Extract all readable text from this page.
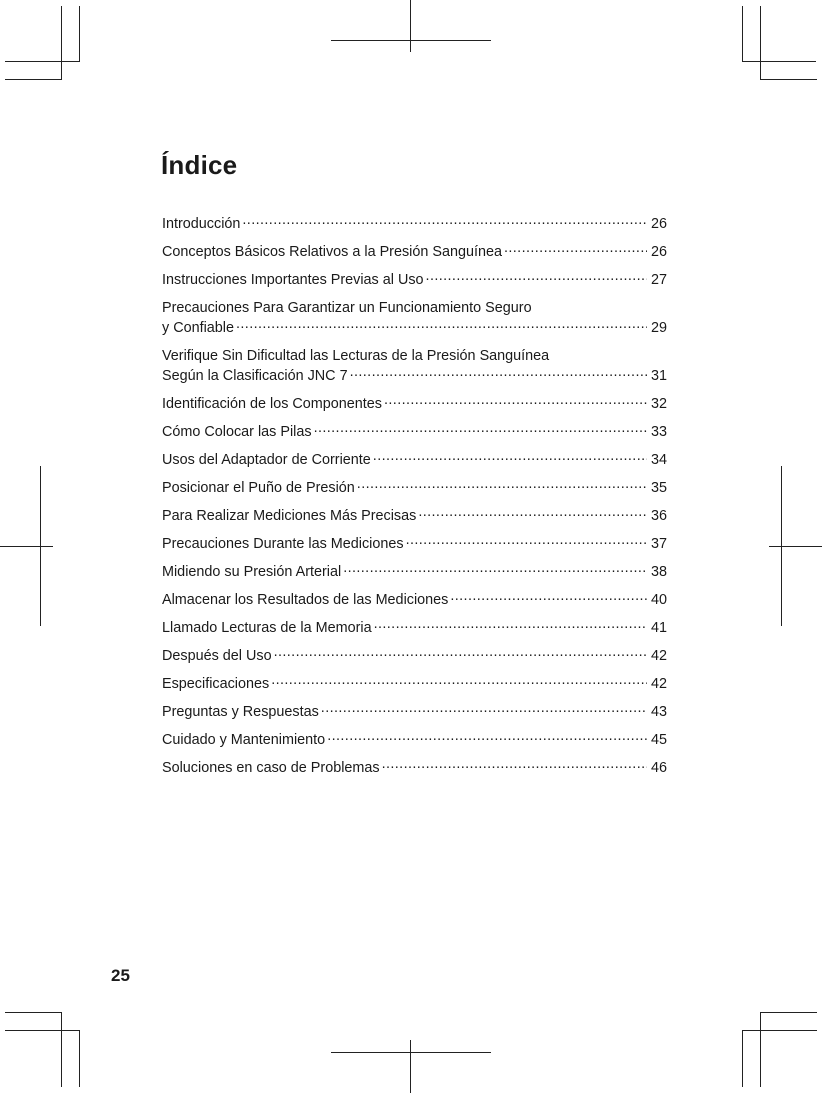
Índice
Introducción .....	26
Conceptos Básicos Relativos a la Presión Sanguínea .....	26
Instrucciones Importantes Previas al Uso .....	27
Precauciones Para Garantizar un Funcionamiento Seguro
y Confiable .....	29
Verifique Sin Dificultad las Lecturas de la Presión Sanguínea
Según la Clasificación JNC 7 .....	31
Identificación de los Componentes .....	32
Cómo Colocar las Pilas .....	33
Usos del Adaptador de Corriente .....	34
Posicionar el Puño de Presión .....	35
Para Realizar Mediciones Más Precisas .....	36
Precauciones Durante las Mediciones .....	37
Midiendo su Presión Arterial .....	38
Almacenar los Resultados de las Mediciones .....	40
Llamado Lecturas de la Memoria .....	41
Después del Uso .....	42
Especificaciones .....	42
Preguntas y Respuestas .....	43
Cuidado y Mantenimiento .....	45
Soluciones en caso de Problemas .....	46

25
